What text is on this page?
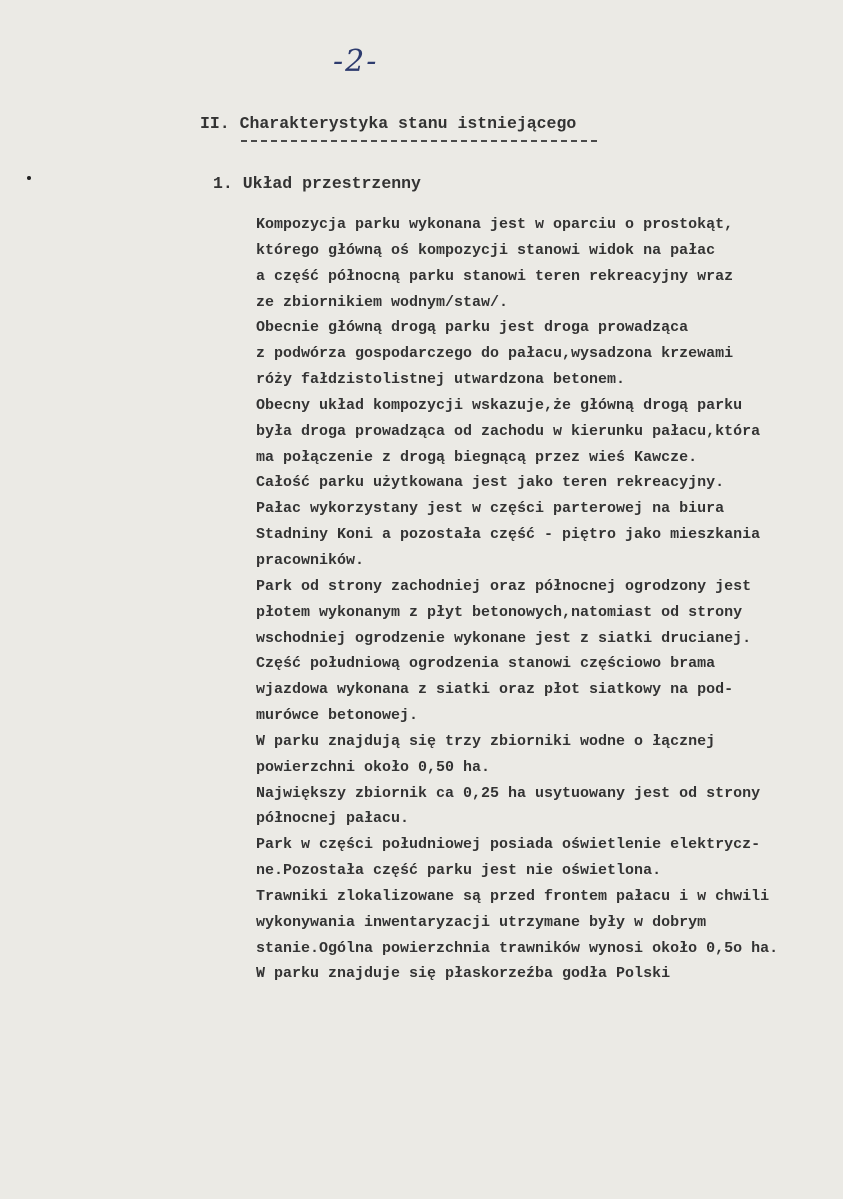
-2-
II. Charakterystyka stanu istniejącego
1. Układ przestrzenny
Kompozycja parku wykonana jest w oparciu o prostokąt,
którego główną oś kompozycji stanowi widok na pałac
a część północną parku stanowi teren rekreacyjny wraz
ze zbiornikiem wodnym/staw/.
Obecnie główną drogą parku jest droga prowadząca
z podwórza gospodarczego do pałacu,wysadzona krzewami
róży fałdzistolistnej utwardzona betonem.
Obecny układ kompozycji wskazuje,że główną drogą parku
była droga prowadząca od zachodu w kierunku pałacu,która
ma połączenie z drogą biegnącą przez wieś Kawcze.
Całość parku użytkowana jest jako teren rekreacyjny.
Pałac wykorzystany jest w części parterowej na biura
Stadniny Koni a pozostała część - piętro jako mieszkania
pracowników.
Park od strony zachodniej oraz północnej ogrodzony jest
płotem wykonanym z płyt betonowych,natomiast od strony
wschodniej ogrodzenie wykonane jest z siatki drucianej.
Część południową ogrodzenia stanowi częściowo brama
wjazdowa wykonana z siatki oraz płot siatkowy na pod-
murówce betonowej.
W parku znajdują się trzy zbiorniki wodne o łącznej
powierzchni około 0,50 ha.
Największy zbiornik ca 0,25 ha usytuowany jest od strony
północnej pałacu.
Park w części południowej posiada oświetlenie elektrycz-
ne.Pozostała część parku jest nie oświetlona.
Trawniki zlokalizowane są przed frontem pałacu i w chwili
wykonywania inwentaryzacji utrzymane były w dobrym
stanie.Ogólna powierzchnia trawników wynosi około 0,5o ha.
W parku znajduje się płaskorzeźba godła Polski
